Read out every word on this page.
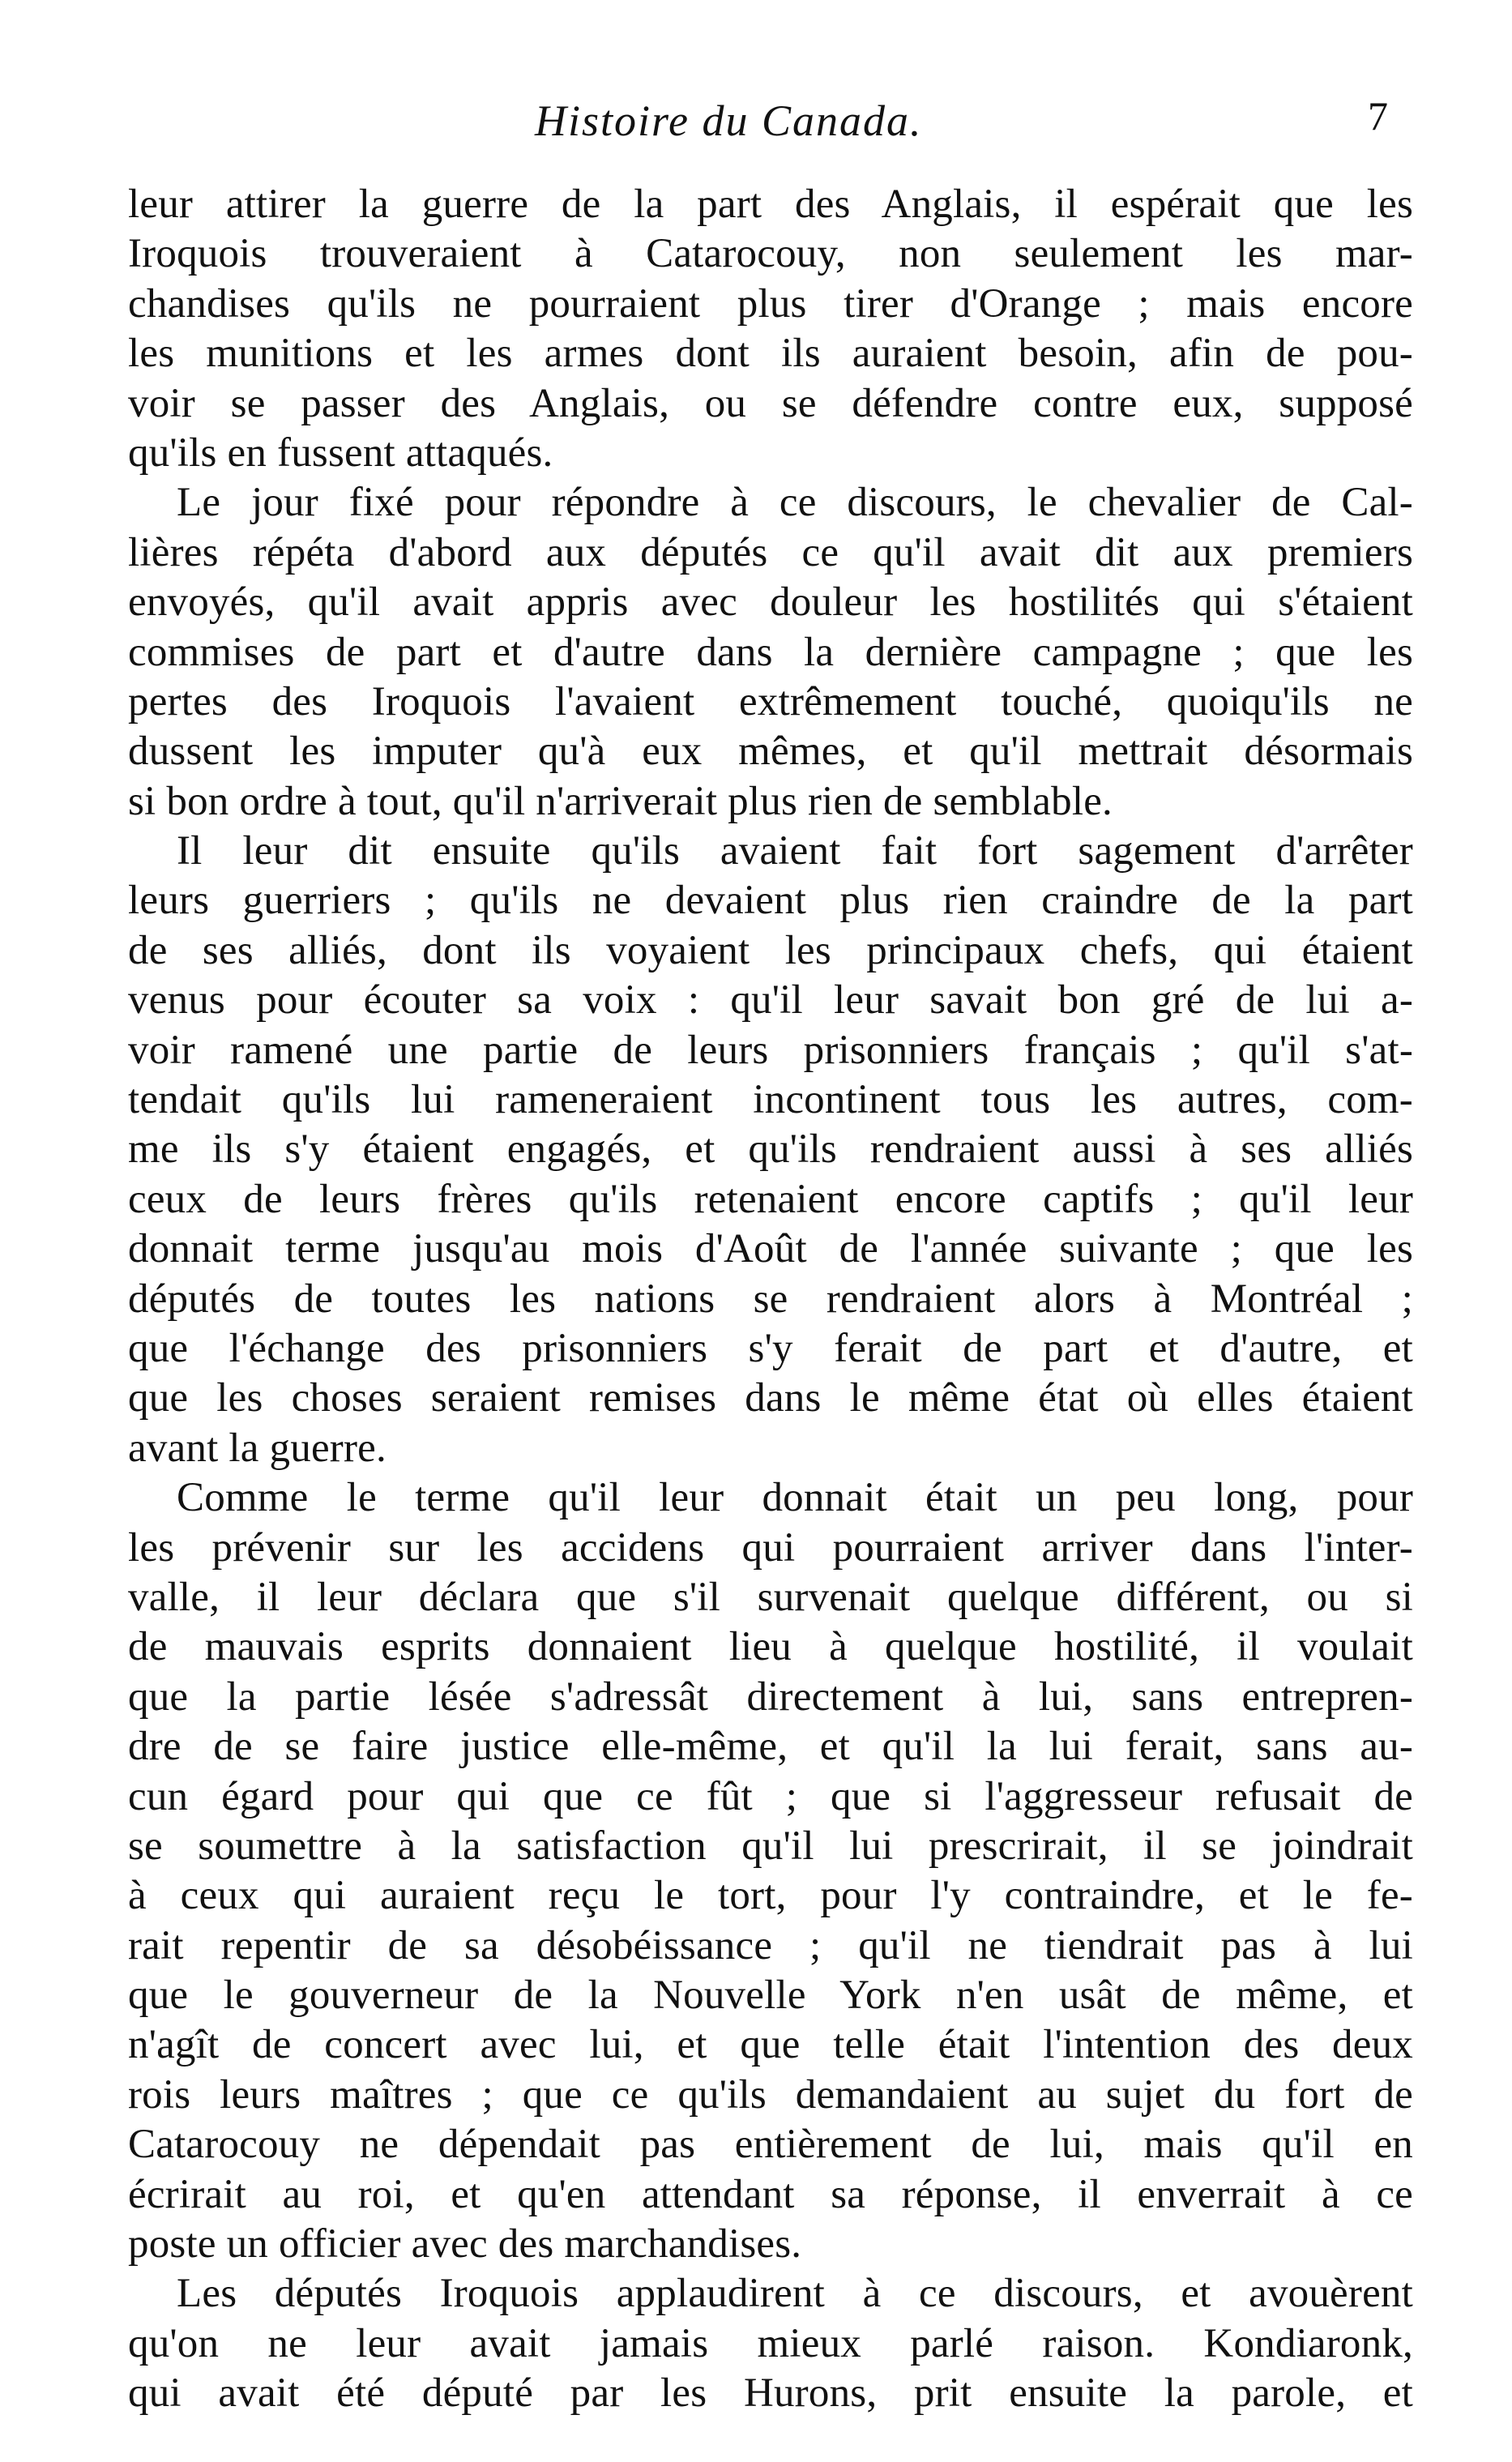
Histoire du Canada.	7
leur attirer la guerre de la part des Anglais, il espérait que les
Iroquois trouveraient à Catarocouy, non seulement les mar-
chandises qu'ils ne pourraient plus tirer d'Orange ; mais encore
les munitions et les armes dont ils auraient besoin, afin de pou-
voir se passer des Anglais, ou se défendre contre eux, supposé
qu'ils en fussent attaqués.
Le jour fixé pour répondre à ce discours, le chevalier de Cal-
lières répéta d'abord aux députés ce qu'il avait dit aux premiers
envoyés, qu'il avait appris avec douleur les hostilités qui s'étaient
commises de part et d'autre dans la dernière campagne ; que les
pertes des Iroquois l'avaient extrêmement touché, quoiqu'ils ne
dussent les imputer qu'à eux mêmes, et qu'il mettrait désormais
si bon ordre à tout, qu'il n'arriverait plus rien de semblable.
Il leur dit ensuite qu'ils avaient fait fort sagement d'arrêter
leurs guerriers ; qu'ils ne devaient plus rien craindre de la part
de ses alliés, dont ils voyaient les principaux chefs, qui étaient
venus pour écouter sa voix : qu'il leur savait bon gré de lui a-
voir ramené une partie de leurs prisonniers français ; qu'il s'at-
tendait qu'ils lui rameneraient incontinent tous les autres, com-
me ils s'y étaient engagés, et qu'ils rendraient aussi à ses alliés
ceux de leurs frères qu'ils retenaient encore captifs ; qu'il leur
donnait terme jusqu'au mois d'Août de l'année suivante ; que les
députés de toutes les nations se rendraient alors à Montréal ;
que l'échange des prisonniers s'y ferait de part et d'autre, et
que les choses seraient remises dans le même état où elles étaient
avant la guerre.
Comme le terme qu'il leur donnait était un peu long, pour
les prévenir sur les accidens qui pourraient arriver dans l'inter-
valle, il leur déclara que s'il survenait quelque différent, ou si
de mauvais esprits donnaient lieu à quelque hostilité, il voulait
que la partie lésée s'adressât directement à lui, sans entrepren-
dre de se faire justice elle-même, et qu'il la lui ferait, sans au-
cun égard pour qui que ce fût ; que si l'aggresseur refusait de
se soumettre à la satisfaction qu'il lui prescrirait, il se joindrait
à ceux qui auraient reçu le tort, pour l'y contraindre, et le fe-
rait repentir de sa désobéissance ; qu'il ne tiendrait pas à lui
que le gouverneur de la Nouvelle York n'en usât de même, et
n'agît de concert avec lui, et que telle était l'intention des deux
rois leurs maîtres ; que ce qu'ils demandaient au sujet du fort de
Catarocouy ne dépendait pas entièrement de lui, mais qu'il en
écrirait au roi, et qu'en attendant sa réponse, il enverrait à ce
poste un officier avec des marchandises.
Les députés Iroquois applaudirent à ce discours, et avouèrent
qu'on ne leur avait jamais mieux parlé raison. Kondiaronk,
qui avait été député par les Hurons, prit ensuite la parole, et
